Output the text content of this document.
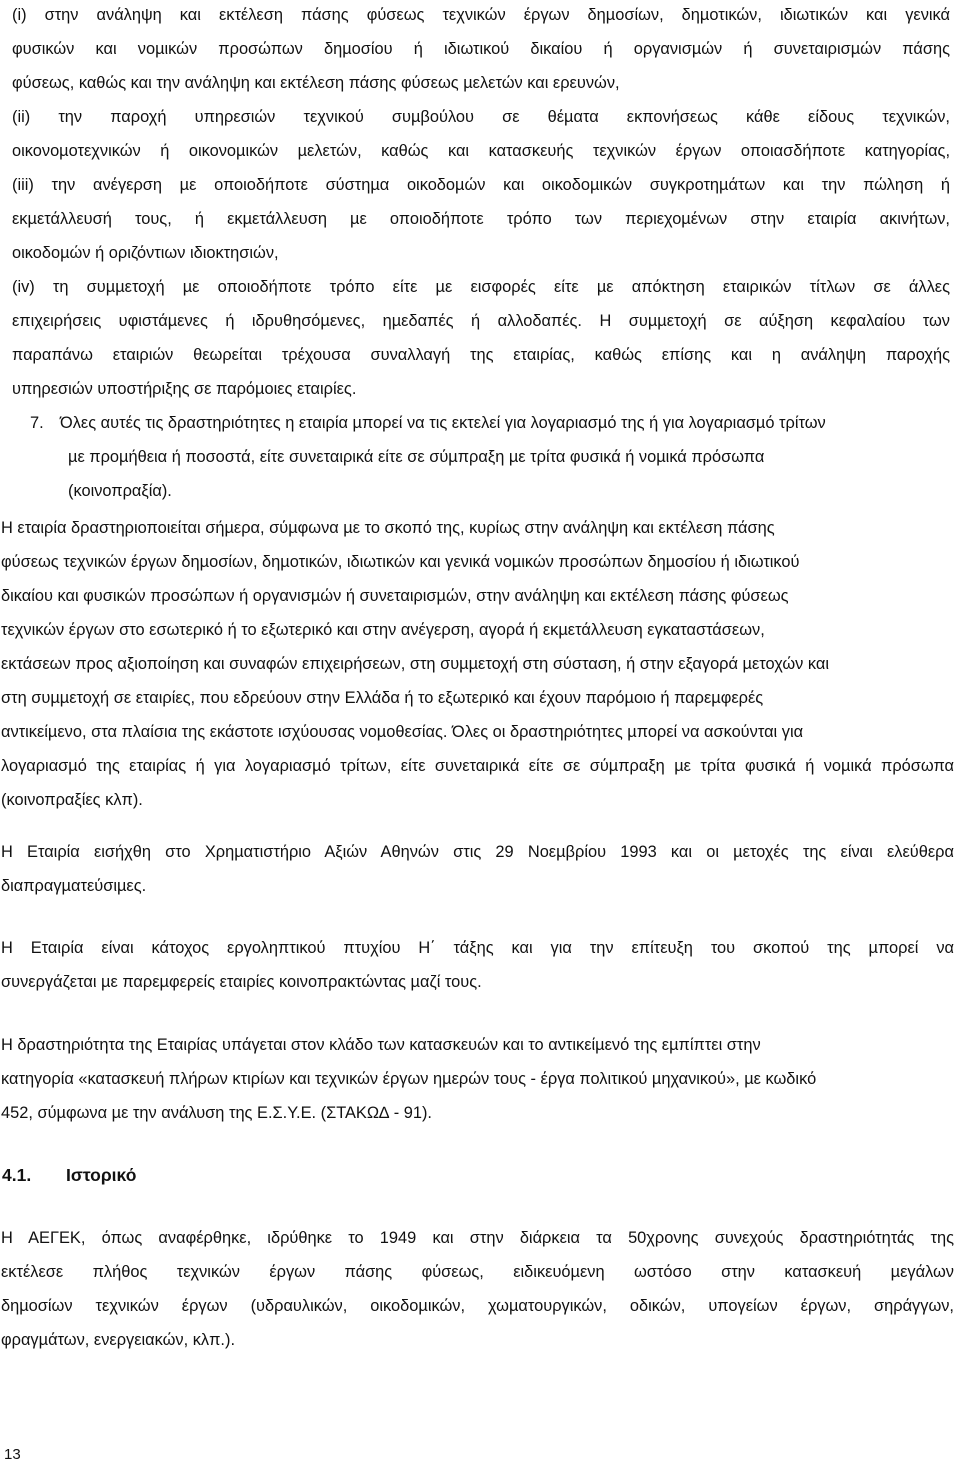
(i) στην ανάληψη και εκτέλεση πάσης φύσεως τεχνικών έργων δηµοσίων, δηµοτικών, ιδιωτικών και γενικά
φυσικών και νοµικών προσώπων δηµοσίου ή ιδιωτικού δικαίου ή οργανισµών ή συνεταιρισµών πάσης
φύσεως, καθώς και την ανάληψη και εκτέλεση πάσης φύσεως µελετών και ερευνών,
(ii) την παροχή υπηρεσιών τεχνικού συµβούλου σε θέµατα εκπονήσεως κάθε είδους τεχνικών,
οικονοµοτεχνικών ή οικονοµικών µελετών, καθώς και κατασκευής τεχνικών έργων οποιασδήποτε κατηγορίας,
(iii) την ανέγερση µε οποιοδήποτε σύστηµα οικοδοµών και οικοδοµικών συγκροτηµάτων και την πώληση ή
εκµετάλλευσή τους, ή εκµετάλλευση µε οποιοδήποτε τρόπο των περιεχοµένων στην εταιρία ακινήτων,
οικοδοµών ή οριζόντιων ιδιοκτησιών,
(iv) τη συµµετοχή µε οποιοδήποτε τρόπο είτε µε εισφορές είτε µε απόκτηση εταιρικών τίτλων σε άλλες
επιχειρήσεις υφιστάµενες ή ιδρυθησόµενες, ηµεδαπές ή αλλοδαπές. Η συµµετοχή σε αύξηση κεφαλαίου των
παραπάνω εταιριών θεωρείται τρέχουσα συναλλαγή της εταιρίας, καθώς επίσης και η ανάληψη παροχής
υπηρεσιών υποστήριξης σε παρόµοιες εταιρίες.
7. Όλες αυτές τις δραστηριότητες η εταιρία µπορεί να τις εκτελεί για λογαριασµό της ή για λογαριασµό τρίτων
µε προµήθεια ή ποσοστά, είτε συνεταιρικά είτε σε σύµπραξη µε τρίτα φυσικά ή νοµικά πρόσωπα
(κοινοπραξία).
Η εταιρία δραστηριοποιείται σήµερα, σύµφωνα µε το σκοπό της, κυρίως στην ανάληψη και εκτέλεση πάσης
φύσεως τεχνικών έργων δηµοσίων, δηµοτικών, ιδιωτικών και γενικά νοµικών προσώπων δηµοσίου ή ιδιωτικού
δικαίου και φυσικών προσώπων ή οργανισµών ή συνεταιρισµών, στην ανάληψη και εκτέλεση πάσης φύσεως
τεχνικών έργων στο εσωτερικό ή το εξωτερικό και στην ανέγερση, αγορά ή εκµετάλλευση εγκαταστάσεων,
εκτάσεων προς αξιοποίηση και συναφών επιχειρήσεων, στη συµµετοχή στη σύσταση, ή στην εξαγορά µετοχών και
στη συµµετοχή σε εταιρίες, που εδρεύουν στην Ελλάδα ή το εξωτερικό και έχουν παρόµοιο ή παρεµφερές
αντικείµενο, στα πλαίσια της εκάστοτε ισχύουσας νοµοθεσίας. Όλες οι δραστηριότητες µπορεί να ασκούνται για
λογαριασµό της εταιρίας ή για λογαριασµό τρίτων, είτε συνεταιρικά είτε σε σύµπραξη µε τρίτα φυσικά ή νοµικά πρόσωπα
(κοινοπραξίες κλπ).
Η Εταιρία εισήχθη στο Χρηµατιστήριο Αξιών Αθηνών στις 29 Νοεµβρίου 1993 και οι µετοχές της είναι ελεύθερα
διαπραγµατεύσιµες.
Η Εταιρία είναι κάτοχος εργοληπτικού πτυχίου Η΄ τάξης και για την επίτευξη του σκοπού της µπορεί να
συνεργάζεται µε παρεµφερείς εταιρίες κοινοπρακτώντας µαζί τους.
Η δραστηριότητα της Εταιρίας υπάγεται στον κλάδο των κατασκευών και το αντικείµενό της εµπίπτει στην
κατηγορία «κατασκευή πλήρων κτιρίων και τεχνικών έργων ηµερών τους - έργα πολιτικού µηχανικού», µε κωδικό
452, σύµφωνα µε την ανάλυση της Ε.Σ.Υ.Ε. (ΣΤΑΚΩ∆ - 91).
4.1. Ιστορικό
Η ΑΕΓΕΚ, όπως αναφέρθηκε, ιδρύθηκε το 1949 και στην διάρκεια τα 50χρονης συνεχούς δραστηριότητάς της
εκτέλεσε πλήθος τεχνικών έργων πάσης φύσεως, ειδικευόµενη ωστόσο στην κατασκευή µεγάλων
δηµοσίων τεχνικών έργων (υδραυλικών, οικοδοµικών, χωµατουργικών, οδικών, υπογείων έργων, σηράγγων,
φραγµάτων, ενεργειακών, κλπ.).
13
